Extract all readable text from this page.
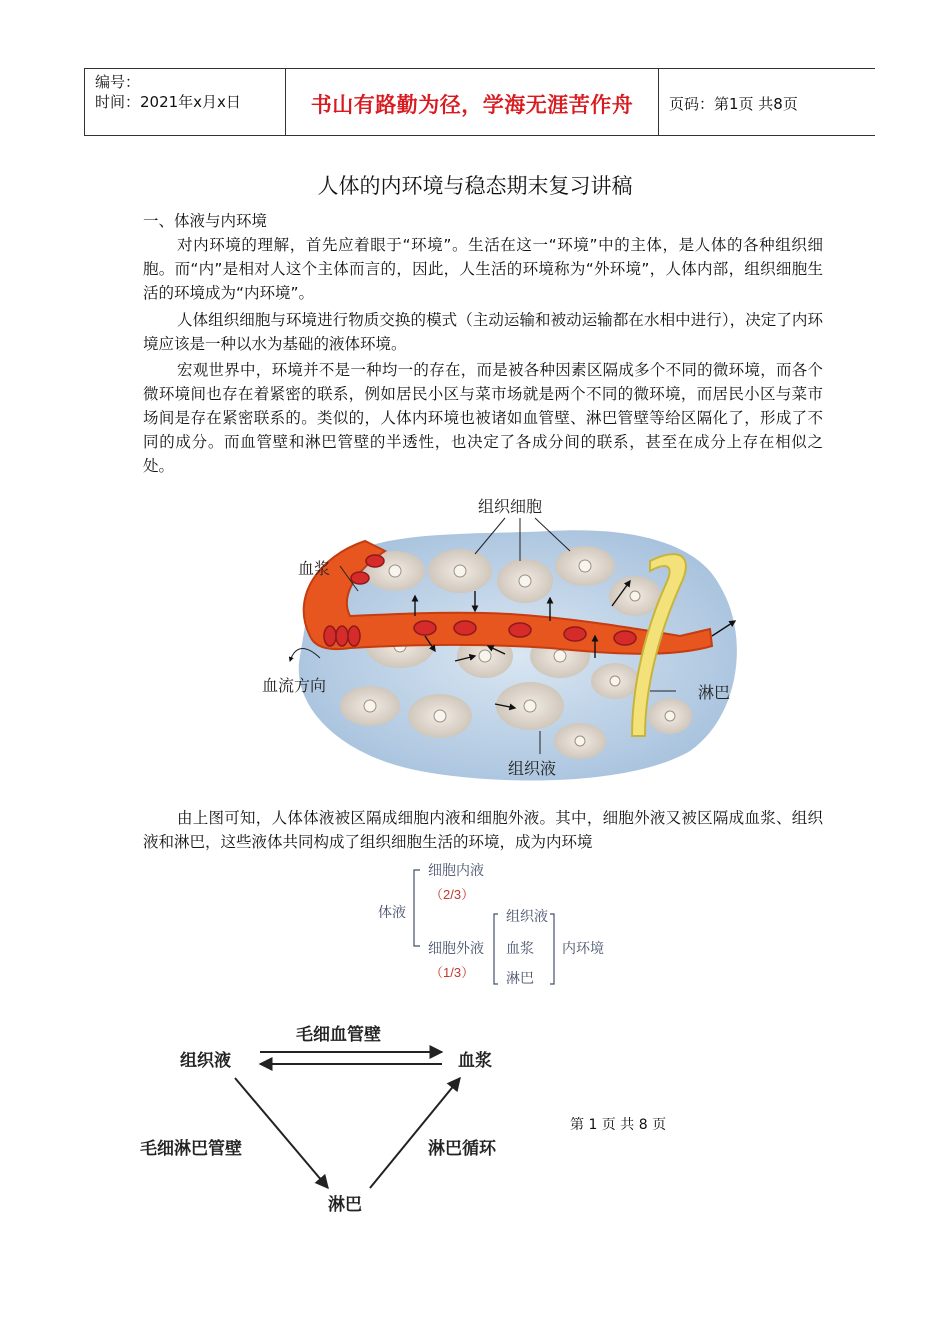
编号：
时间：2021年x月x日	书山有路勤为径，学海无涯苦作舟	页码：第1页 共8页
人体的内环境与稳态期末复习讲稿
一、体液与内环境

对内环境的理解，首先应着眼于“环境”。生活在这一“环境”中的主体，是人体的各种组织细胞。而“内”是相对人这个主体而言的，因此，人生活的环境称为“外环境”，人体内部，组织细胞生活的环境成为“内环境”。

人体组织细胞与环境进行物质交换的模式（主动运输和被动运输都在水相中进行），决定了内环境应该是一种以水为基础的液体环境。

宏观世界中，环境并不是一种均一的存在，而是被各种因素区隔成多个不同的微环境，而各个微环境间也存在着紧密的联系，例如居民小区与菜市场就是两个不同的微环境，而居民小区与菜市场间是存在紧密联系的。类似的，人体内环境也被诸如血管壁、淋巴管壁等给区隔化了，形成了不同的成分。而血管壁和淋巴管壁的半透性，也决定了各成分间的联系，甚至在成分上存在相似之处。

组织细胞
血浆
血流方向	淋巴
组织液

由上图可知，人体体液被区隔成细胞内液和细胞外液。其中，细胞外液又被区隔成血浆、组织液和淋巴，这些液体共同构成了组织细胞生活的环境，成为内环境

体液
细胞内液
（2/3）
细胞外液
（1/3）
组织液
血浆
淋巴
内环境
毛细血管壁
组织液	血浆
毛细淋巴管壁	淋巴循环
淋巴
第 1 页 共 8 页
